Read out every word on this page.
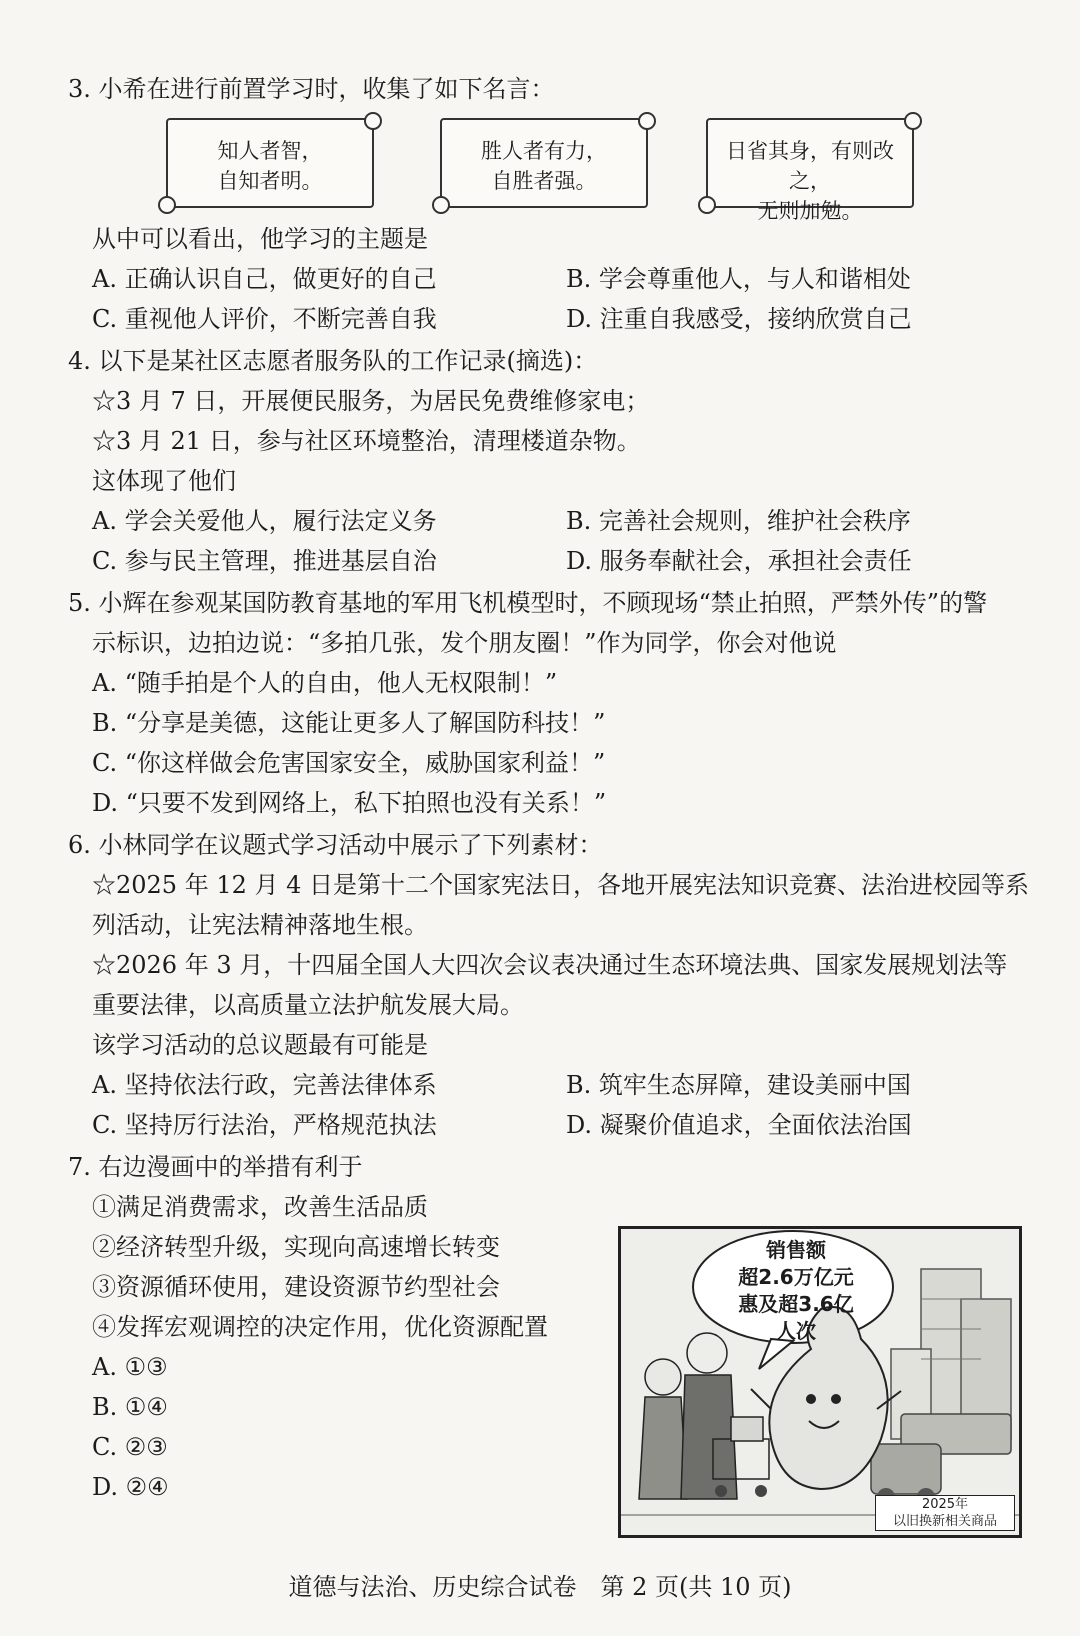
3. 小希在进行前置学习时，收集了如下名言：
知人者智，
自知者明。
胜人者有力，
自胜者强。
日省其身，有则改之，
无则加勉。
从中可以看出，他学习的主题是
A. 正确认识自己，做更好的自己	B. 学会尊重他人，与人和谐相处
C. 重视他人评价，不断完善自我	D. 注重自我感受，接纳欣赏自己
4. 以下是某社区志愿者服务队的工作记录(摘选)：
☆3 月 7 日，开展便民服务，为居民免费维修家电；
☆3 月 21 日，参与社区环境整治，清理楼道杂物。
这体现了他们
A. 学会关爱他人，履行法定义务	B. 完善社会规则，维护社会秩序
C. 参与民主管理，推进基层自治	D. 服务奉献社会，承担社会责任
5. 小辉在参观某国防教育基地的军用飞机模型时，不顾现场“禁止拍照，严禁外传”的警
示标识，边拍边说：“多拍几张，发个朋友圈！”作为同学，你会对他说
A. “随手拍是个人的自由，他人无权限制！”
B. “分享是美德，这能让更多人了解国防科技！”
C. “你这样做会危害国家安全，威胁国家利益！”
D. “只要不发到网络上，私下拍照也没有关系！”
6. 小林同学在议题式学习活动中展示了下列素材：
☆2025 年 12 月 4 日是第十二个国家宪法日，各地开展宪法知识竞赛、法治进校园等系
列活动，让宪法精神落地生根。
☆2026 年 3 月，十四届全国人大四次会议表决通过生态环境法典、国家发展规划法等
重要法律，以高质量立法护航发展大局。
该学习活动的总议题最有可能是
A. 坚持依法行政，完善法律体系	B. 筑牢生态屏障，建设美丽中国
C. 坚持厉行法治，严格规范执法	D. 凝聚价值追求，全面依法治国
7. 右边漫画中的举措有利于
①满足消费需求，改善生活品质
②经济转型升级，实现向高速增长转变
③资源循环使用，建设资源节约型社会
④发挥宏观调控的决定作用，优化资源配置
A. ①③
B. ①④
C. ②③
D. ②④
销售额
超2.6万亿元
惠及超3.6亿
人次
2025年
以旧换新相关商品
道德与法治、历史综合试卷　第 2 页(共 10 页)
